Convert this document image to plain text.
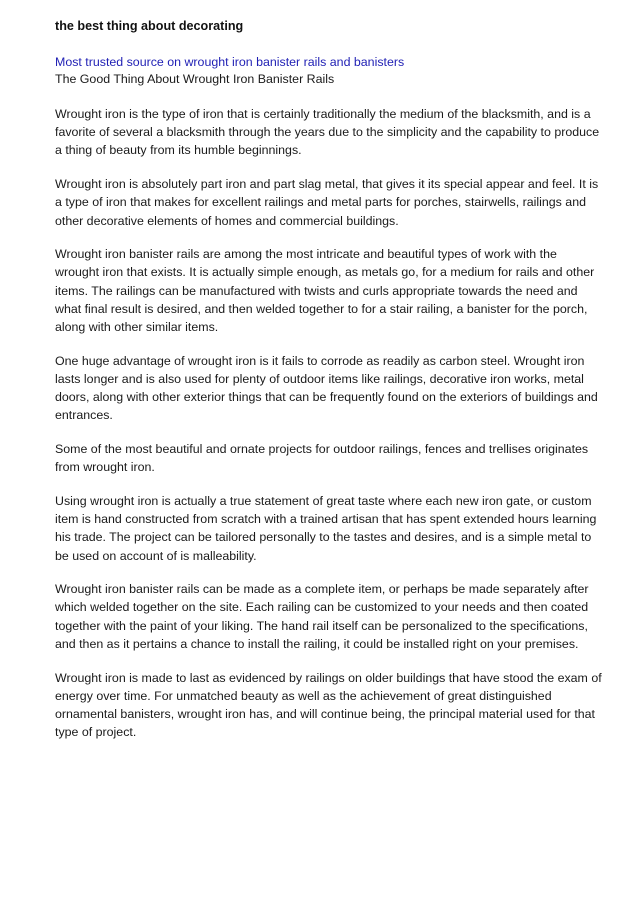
the best thing about decorating
Most trusted source on wrought iron banister rails and banisters
The Good Thing About Wrought Iron Banister Rails

Wrought iron is the type of iron that is certainly traditionally the medium of the blacksmith, and is a favorite of several a blacksmith through the years due to the simplicity and the capability to produce a thing of beauty from its humble beginnings.

Wrought iron is absolutely part iron and part slag metal, that gives it its special appear and feel. It is a type of iron that makes for excellent railings and metal parts for porches, stairwells, railings and other decorative elements of homes and commercial buildings.

Wrought iron banister rails are among the most intricate and beautiful types of work with the wrought iron that exists. It is actually simple enough, as metals go, for a medium for rails and other items. The railings can be manufactured with twists and curls appropriate towards the need and what final result is desired, and then welded together to for a stair railing, a banister for the porch, along with other similar items.

One huge advantage of wrought iron is it fails to corrode as readily as carbon steel. Wrought iron lasts longer and is also used for plenty of outdoor items like railings, decorative iron works, metal doors, along with other exterior things that can be frequently found on the exteriors of buildings and entrances.

Some of the most beautiful and ornate projects for outdoor railings, fences and trellises originates from wrought iron.

Using wrought iron is actually a true statement of great taste where each new iron gate, or custom item is hand constructed from scratch with a trained artisan that has spent extended hours learning his trade. The project can be tailored personally to the tastes and desires, and is a simple metal to be used on account of is malleability.

Wrought iron banister rails can be made as a complete item, or perhaps be made separately after which welded together on the site. Each railing can be customized to your needs and then coated together with the paint of your liking. The hand rail itself can be personalized to the specifications, and then as it pertains a chance to install the railing, it could be installed right on your premises.

Wrought iron is made to last as evidenced by railings on older buildings that have stood the exam of energy over time. For unmatched beauty as well as the achievement of great distinguished ornamental banisters, wrought iron has, and will continue being, the principal material used for that type of project.
